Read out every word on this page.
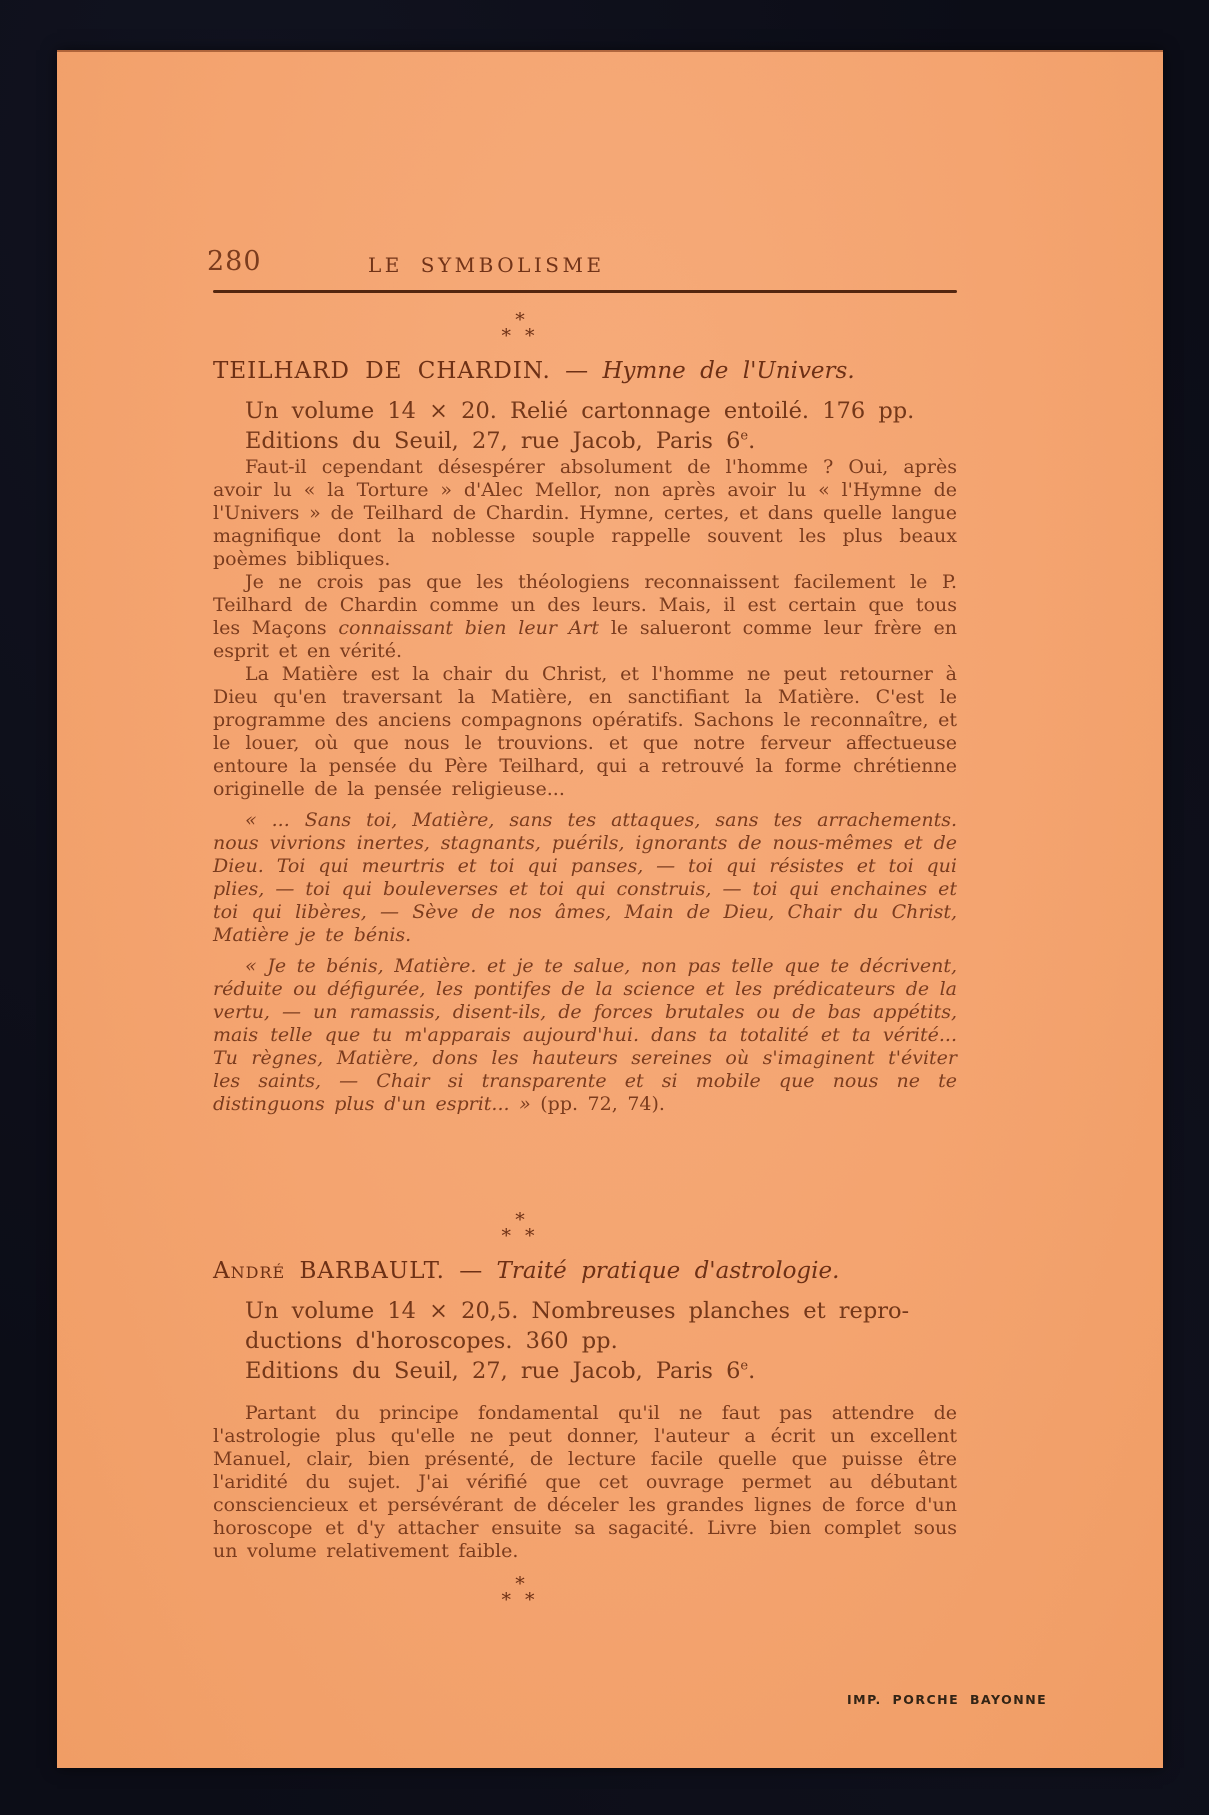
280	LE SYMBOLISME
*
* *
TEILHARD DE CHARDIN. — Hymne de l'Univers.
Un volume 14 × 20. Relié cartonnage entoilé. 176 pp.
Editions du Seuil, 27, rue Jacob, Paris 6e.

Faut-il cependant désespérer absolument de l'homme ? Oui, après avoir lu « la Torture » d'Alec Mellor, non après avoir lu « l'Hymne de l'Univers » de Teilhard de Chardin. Hymne, certes, et dans quelle langue magnifique dont la noblesse souple rappelle souvent les plus beaux poèmes bibliques.

Je ne crois pas que les théologiens reconnaissent facilement le P. Teilhard de Chardin comme un des leurs. Mais, il est certain que tous les Maçons connaissant bien leur Art le salueront comme leur frère en esprit et en vérité.

La Matière est la chair du Christ, et l'homme ne peut retourner à Dieu qu'en traversant la Matière, en sanctifiant la Matière. C'est le programme des anciens compagnons opératifs. Sachons le reconnaître, et le louer, où que nous le trouvions. et que notre ferveur affectueuse entoure la pensée du Père Teilhard, qui a retrouvé la forme chrétienne originelle de la pensée religieuse...

« ... Sans toi, Matière, sans tes attaques, sans tes arrachements. nous vivrions inertes, stagnants, puérils, ignorants de nous-mêmes et de Dieu. Toi qui meurtris et toi qui panses, — toi qui résistes et toi qui plies, — toi qui bouleverses et toi qui construis, — toi qui enchaines et toi qui libères, — Sève de nos âmes, Main de Dieu, Chair du Christ, Matière je te bénis.

« Je te bénis, Matière. et je te salue, non pas telle que te décrivent, réduite ou défigurée, les pontifes de la science et les prédicateurs de la vertu, — un ramassis, disent-ils, de forces brutales ou de bas appétits, mais telle que tu m'apparais aujourd'hui. dans ta totalité et ta vérité... Tu règnes, Matière, dons les hauteurs sereines où s'imaginent t'éviter les saints, — Chair si transparente et si mobile que nous ne te distinguons plus d'un esprit... » (pp. 72, 74).

*
* *
André BARBAULT. — Traité pratique d'astrologie.
Un volume 14 × 20,5. Nombreuses planches et repro-
ductions d'horoscopes. 360 pp.
Editions du Seuil, 27, rue Jacob, Paris 6e.

Partant du principe fondamental qu'il ne faut pas attendre de l'astrologie plus qu'elle ne peut donner, l'auteur a écrit un excellent Manuel, clair, bien présenté, de lecture facile quelle que puisse être l'aridité du sujet. J'ai vérifié que cet ouvrage permet au débutant consciencieux et persévérant de déceler les grandes lignes de force d'un horoscope et d'y attacher ensuite sa sagacité. Livre bien complet sous un volume relativement faible.

*
* *
IMP. PORCHE BAYONNE
